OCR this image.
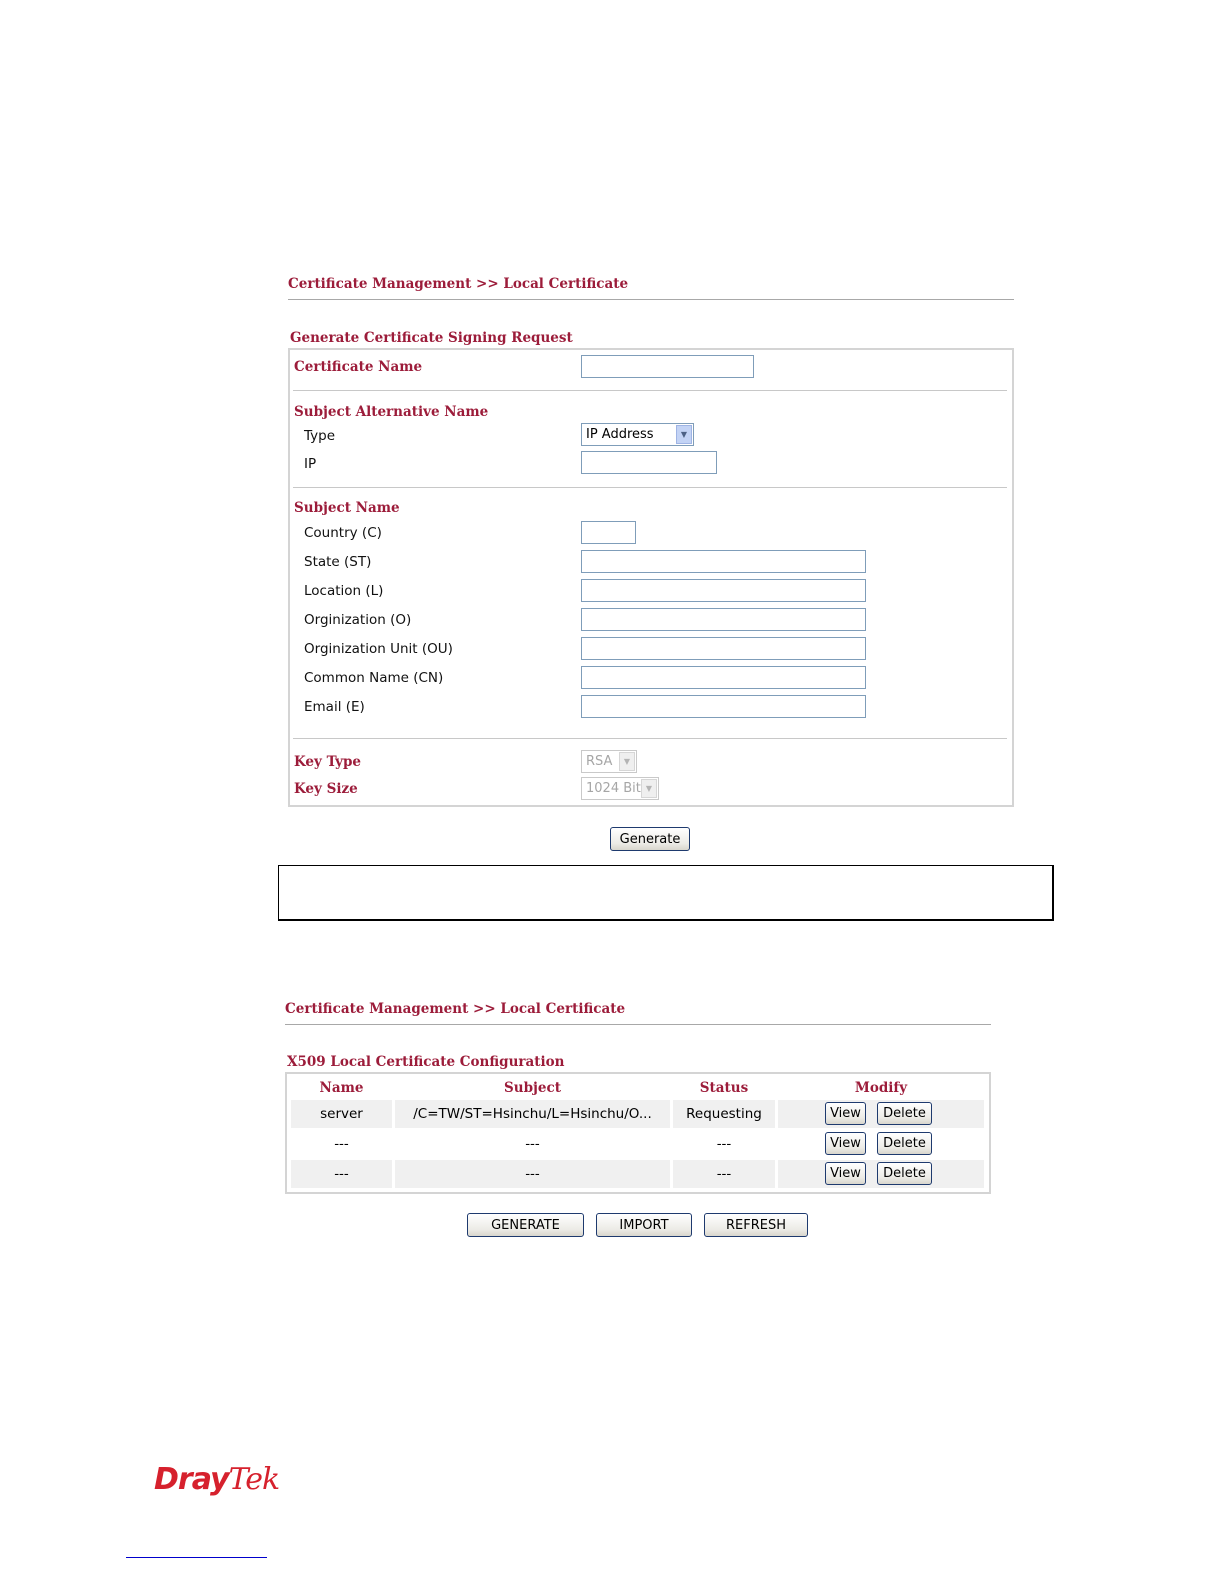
Certificate Management >> Local Certificate
Generate Certificate Signing Request
Certificate Name
Subject Alternative Name
Type	IP Address	▼
IP
Subject Name
Country (C)
State (ST)
Location (L)
Orginization (O)
Orginization Unit (OU)
Common Name (CN)
Email (E)
Key Type	RSA	▼
Key Size	1024 Bit ▼
Generate
Certificate Management >> Local Certificate
X509 Local Certificate Configuration
Name	Subject	Status	Modify
server	/C=TW/ST=Hsinchu/L=Hsinchu/O...	Requesting	View	Delete
---	---	---	View	Delete
---	---	---	View	Delete
GENERATE	IMPORT	REFRESH
DrayTek
